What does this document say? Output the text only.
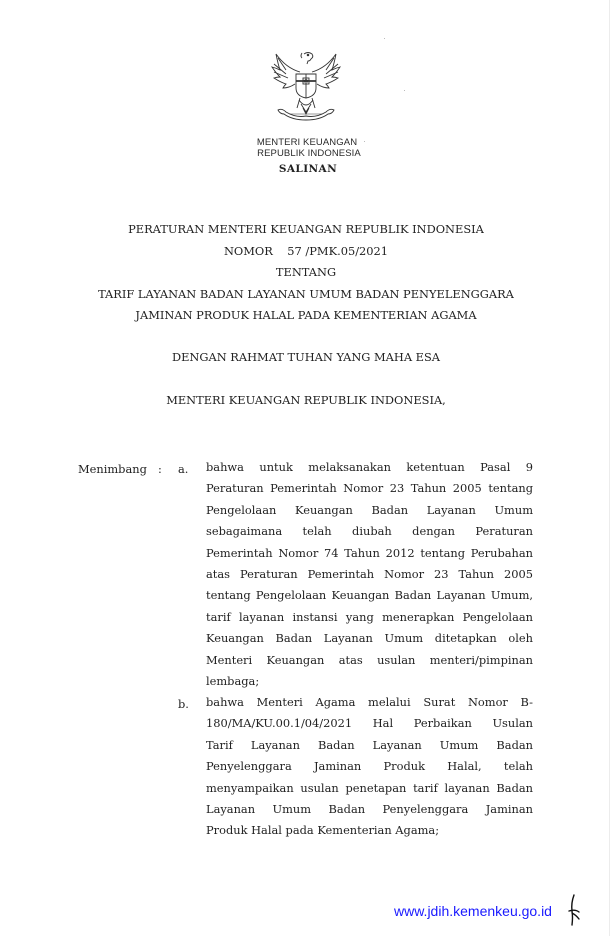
MENTERI KEUANGAN
REPUBLIK INDONESIA
SALINAN
PERATURAN MENTERI KEUANGAN REPUBLIK INDONESIA
NOMOR    57 /PMK.05/2021
TENTANG
TARIF LAYANAN BADAN LAYANAN UMUM BADAN PENYELENGGARA
JAMINAN PRODUK HALAL PADA KEMENTERIAN AGAMA
DENGAN RAHMAT TUHAN YANG MAHA ESA
MENTERI KEUANGAN REPUBLIK INDONESIA,
Menimbang : a. bahwa untuk melaksanakan ketentuan Pasal 9
Peraturan Pemerintah Nomor 23 Tahun 2005 tentang
Pengelolaan Keuangan Badan Layanan Umum
sebagaimana telah diubah dengan Peraturan
Pemerintah Nomor 74 Tahun 2012 tentang Perubahan
atas Peraturan Pemerintah Nomor 23 Tahun 2005
tentang Pengelolaan Keuangan Badan Layanan Umum,
tarif layanan instansi yang menerapkan Pengelolaan
Keuangan Badan Layanan Umum ditetapkan oleh
Menteri Keuangan atas usulan menteri/pimpinan
lembaga;
b. bahwa Menteri Agama melalui Surat Nomor B-
180/MA/KU.00.1/04/2021 Hal Perbaikan Usulan
Tarif Layanan Badan Layanan Umum Badan
Penyelenggara Jaminan Produk Halal, telah
menyampaikan usulan penetapan tarif layanan Badan
Layanan Umum Badan Penyelenggara Jaminan
Produk Halal pada Kementerian Agama;
www.jdih.kemenkeu.go.id
